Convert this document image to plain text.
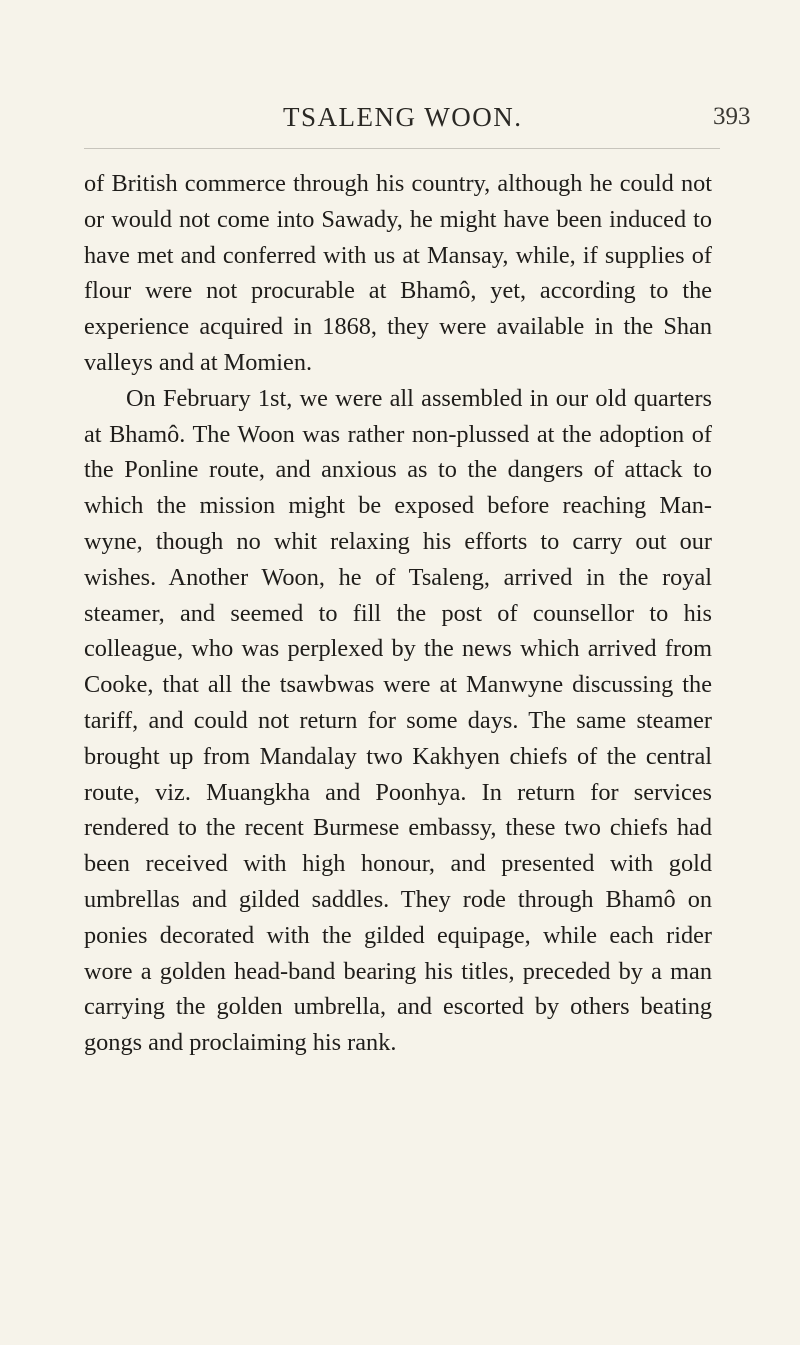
TSALENG WOON.	393

of British commerce through his country, although he could not or would not come into Sawady, he might have been induced to have met and conferred with us at Mansay, while, if supplies of flour were not procurable at Bhamô, yet, according to the experience acquired in 1868, they were available in the Shan valleys and at Momien.

On February 1st, we were all assembled in our old quarters at Bhamô. The Woon was rather non-plussed at the adoption of the Ponline route, and anxious as to the dangers of attack to which the mission might be exposed before reaching Man-wyne, though no whit relaxing his efforts to carry out our wishes. Another Woon, he of Tsaleng, arrived in the royal steamer, and seemed to fill the post of counsellor to his colleague, who was perplexed by the news which arrived from Cooke, that all the tsawbwas were at Manwyne discussing the tariff, and could not return for some days. The same steamer brought up from Mandalay two Kakhyen chiefs of the central route, viz. Muangkha and Poonhya. In return for services rendered to the recent Burmese embassy, these two chiefs had been received with high honour, and presented with gold umbrellas and gilded saddles. They rode through Bhamô on ponies decorated with the gilded equipage, while each rider wore a golden head-band bearing his titles, preceded by a man carrying the golden umbrella, and escorted by others beating gongs and proclaiming his rank.
